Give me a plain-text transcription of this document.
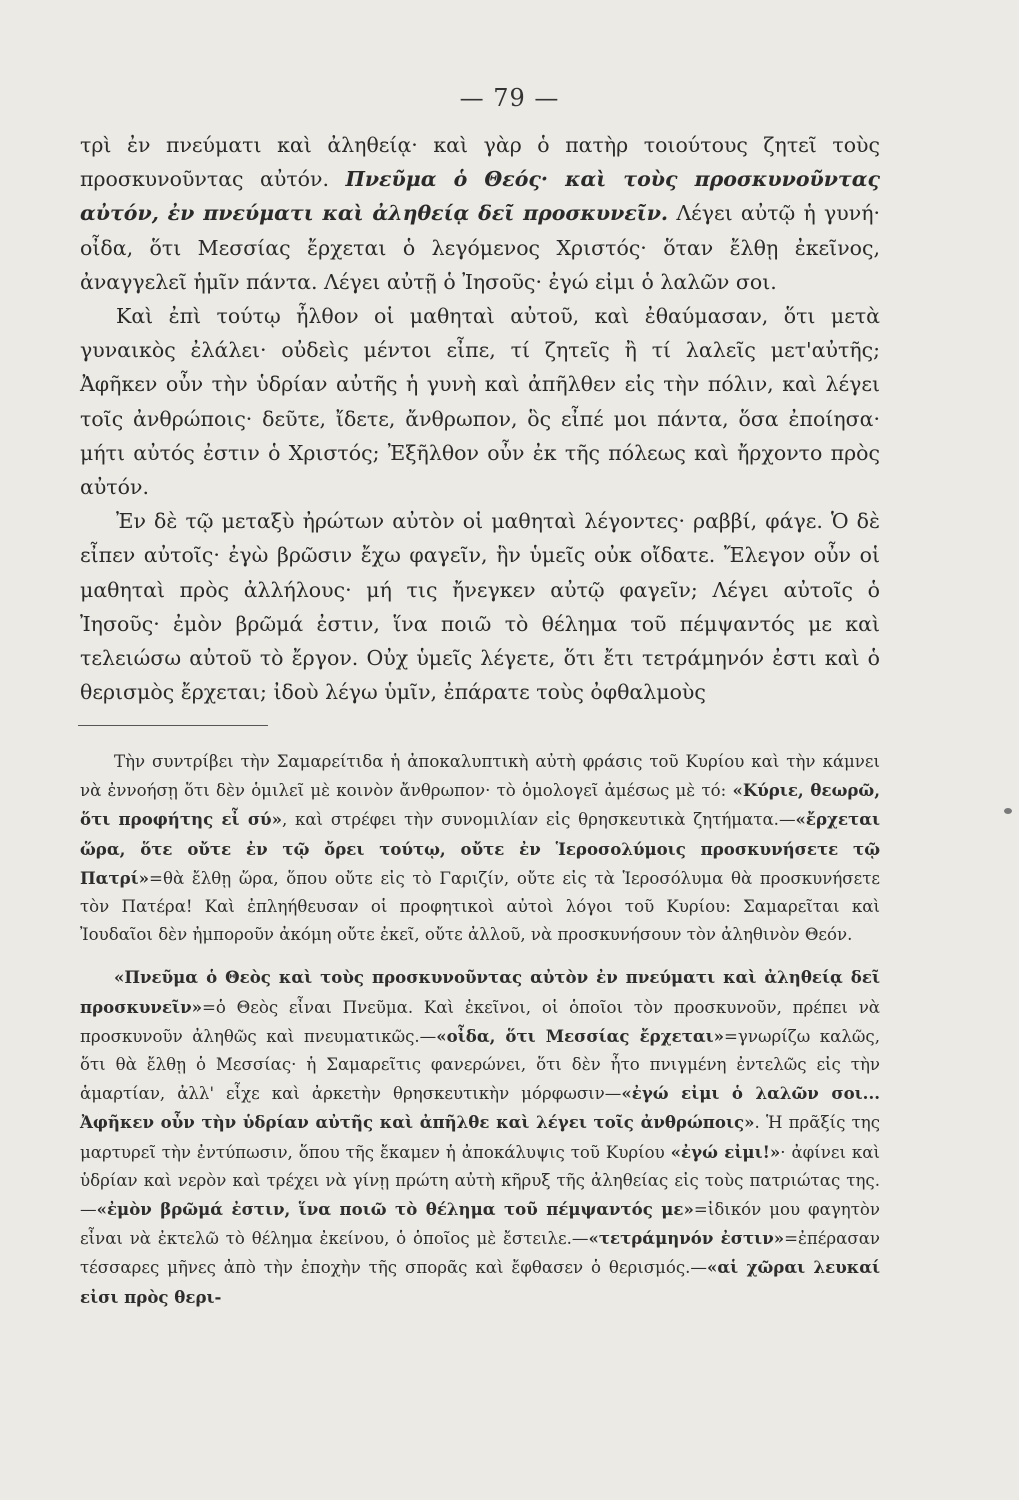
— 79 —

τρὶ ἐν πνεύματι καὶ ἀληθείᾳ· καὶ γὰρ ὁ πατὴρ τοιούτους ζητεῖ τοὺς προσκυνοῦντας αὐτόν. Πνεῦμα ὁ Θεός· καὶ τοὺς προσκυνοῦντας αὐτόν, ἐν πνεύματι καὶ ἀληθείᾳ δεῖ προσκυνεῖν. Λέγει αὐτῷ ἡ γυνή· οἶδα, ὅτι Μεσσίας ἔρχεται ὁ λεγόμενος Χριστός· ὅταν ἔλθῃ ἐκεῖνος, ἀναγγελεῖ ἡμῖν πάντα. Λέγει αὐτῇ ὁ Ἰησοῦς· ἐγώ εἰμι ὁ λαλῶν σοι.

Καὶ ἐπὶ τούτῳ ἦλθον οἱ μαθηταὶ αὐτοῦ, καὶ ἐθαύμασαν, ὅτι μετὰ γυναικὸς ἐλάλει· οὐδεὶς μέντοι εἶπε, τί ζητεῖς ἢ τί λαλεῖς μετ'αὐτῆς; Ἀφῆκεν οὖν τὴν ὑδρίαν αὐτῆς ἡ γυνὴ καὶ ἀπῆλθεν εἰς τὴν πόλιν, καὶ λέγει τοῖς ἀνθρώποις· δεῦτε, ἴδετε, ἄνθρωπον, ὃς εἶπέ μοι πάντα, ὅσα ἐποίησα· μήτι αὐτός ἐστιν ὁ Χριστός; Ἐξῆλθον οὖν ἐκ τῆς πόλεως καὶ ἤρχοντο πρὸς αὐτόν.

Ἐν δὲ τῷ μεταξὺ ἠρώτων αὐτὸν οἱ μαθηταὶ λέγοντες· ραββί, φάγε. Ὁ δὲ εἶπεν αὐτοῖς· ἐγὼ βρῶσιν ἔχω φαγεῖν, ἣν ὑμεῖς οὐκ οἴδατε. Ἔλεγον οὖν οἱ μαθηταὶ πρὸς ἀλλήλους· μή τις ἤνεγκεν αὐτῷ φαγεῖν; Λέγει αὐτοῖς ὁ Ἰησοῦς· ἐμὸν βρῶμά ἐστιν, ἵνα ποιῶ τὸ θέλημα τοῦ πέμψαντός με καὶ τελειώσω αὐτοῦ τὸ ἔργον. Οὐχ ὑμεῖς λέγετε, ὅτι ἔτι τετράμηνόν ἐστι καὶ ὁ θερισμὸς ἔρχεται; ἰδοὺ λέγω ὑμῖν, ἐπάρατε τοὺς ὀφθαλμοὺς

Τὴν συντρίβει τὴν Σαμαρείτιδα ἡ ἀποκαλυπτικὴ αὐτὴ φράσις τοῦ Κυρίου καὶ τὴν κάμνει νὰ ἐννοήσῃ ὅτι δὲν ὁμιλεῖ μὲ κοινὸν ἄνθρωπον· τὸ ὁμολογεῖ ἀμέσως μὲ τό: «Κύριε, θεωρῶ, ὅτι προφήτης εἶ σύ», καὶ στρέφει τὴν συνομιλίαν εἰς θρησκευτικὰ ζητήματα.—«ἔρχεται ὥρα, ὅτε οὔτε ἐν τῷ ὄρει τούτῳ, οὔτε ἐν Ἱεροσολύμοις προσκυνήσετε τῷ Πατρί»=θὰ ἔλθῃ ὥρα, ὅπου οὔτε εἰς τὸ Γαριζίν, οὔτε εἰς τὰ Ἱεροσόλυμα θὰ προσκυνήσετε τὸν Πατέρα! Καὶ ἐπληήθευσαν οἱ προφητικοὶ αὐτοὶ λόγοι τοῦ Κυρίου: Σαμαρεῖται καὶ Ἰουδαῖοι δὲν ἠμποροῦν ἀκόμη οὔτε ἐκεῖ, οὔτε ἀλλοῦ, νὰ προσκυνήσουν τὸν ἀληθινὸν Θεόν.

«Πνεῦμα ὁ Θεὸς καὶ τοὺς προσκυνοῦντας αὐτὸν ἐν πνεύματι καὶ ἀληθείᾳ δεῖ προσκυνεῖν»=ὁ Θεὸς εἶναι Πνεῦμα. Καὶ ἐκεῖνοι, οἱ ὁποῖοι τὸν προσκυνοῦν, πρέπει νὰ προσκυνοῦν ἀληθῶς καὶ πνευματικῶς.—«οἶδα, ὅτι Μεσσίας ἔρχεται»=γνωρίζω καλῶς, ὅτι θὰ ἔλθῃ ὁ Μεσσίας· ἡ Σαμαρεῖτις φανερώνει, ὅτι δὲν ἦτο πνιγμένη ἐντελῶς εἰς τὴν ἁμαρτίαν, ἀλλ' εἶχε καὶ ἀρκετὴν θρησκευτικὴν μόρφωσιν—«ἐγώ εἰμι ὁ λαλῶν σοι... Ἀφῆκεν οὖν τὴν ὑδρίαν αὐτῆς καὶ ἀπῆλθε καὶ λέγει τοῖς ἀνθρώποις». Ἡ πρᾶξίς της μαρτυρεῖ τὴν ἐντύπωσιν, ὅπου τῆς ἔκαμεν ἡ ἀποκάλυψις τοῦ Κυρίου «ἐγώ εἰμι!»· ἀφίνει καὶ ὑδρίαν καὶ νερὸν καὶ τρέχει νὰ γίνῃ πρώτη αὐτὴ κῆρυξ τῆς ἀληθείας εἰς τοὺς πατριώτας της.—«ἐμὸν βρῶμά ἐστιν, ἵνα ποιῶ τὸ θέλημα τοῦ πέμψαντός με»=ἰδικόν μου φαγητὸν εἶναι νὰ ἐκτελῶ τὸ θέλημα ἐκείνου, ὁ ὁποῖος μὲ ἔστειλε.—«τετράμηνόν ἐστιν»=ἐπέρασαν τέσσαρες μῆνες ἀπὸ τὴν ἐποχὴν τῆς σπορᾶς καὶ ἔφθασεν ὁ θερισμός.—«αἱ χῶραι λευκαί εἰσι πρὸς θερι-
